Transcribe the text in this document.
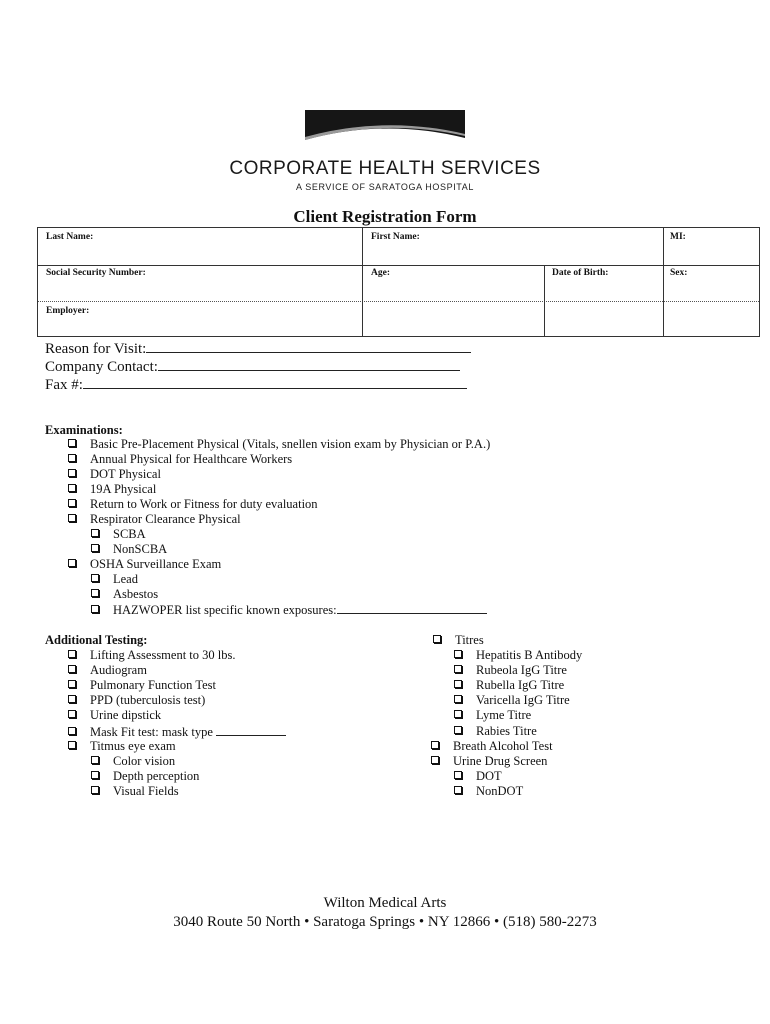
CORPORATE HEALTH SERVICES
A SERVICE OF SARATOGA HOSPITAL
Client Registration Form
Last Name:	First Name:	MI:
Social Security Number:	Age:	Date of Birth:	Sex:
Employer:
Reason for Visit:
Company Contact:
Fax #:
Examinations:
Basic Pre-Placement Physical (Vitals, snellen vision exam by Physician or P.A.)
Annual Physical for Healthcare Workers
DOT Physical
19A Physical
Return to Work or Fitness for duty evaluation
Respirator Clearance Physical
SCBA
NonSCBA
OSHA Surveillance Exam
Lead
Asbestos
HAZWOPER list specific known exposures:
Additional Testing:
Lifting Assessment to 30 lbs.
Audiogram
Pulmonary Function Test
PPD (tuberculosis test)
Urine dipstick
Mask Fit test: mask type
Titmus eye exam
Color vision
Depth perception
Visual Fields
Titres
Hepatitis B Antibody
Rubeola IgG Titre
Rubella IgG Titre
Varicella IgG Titre
Lyme Titre
Rabies Titre
Breath Alcohol Test
Urine Drug Screen
DOT
NonDOT
Wilton Medical Arts
3040 Route 50 North • Saratoga Springs • NY 12866 • (518) 580-2273
